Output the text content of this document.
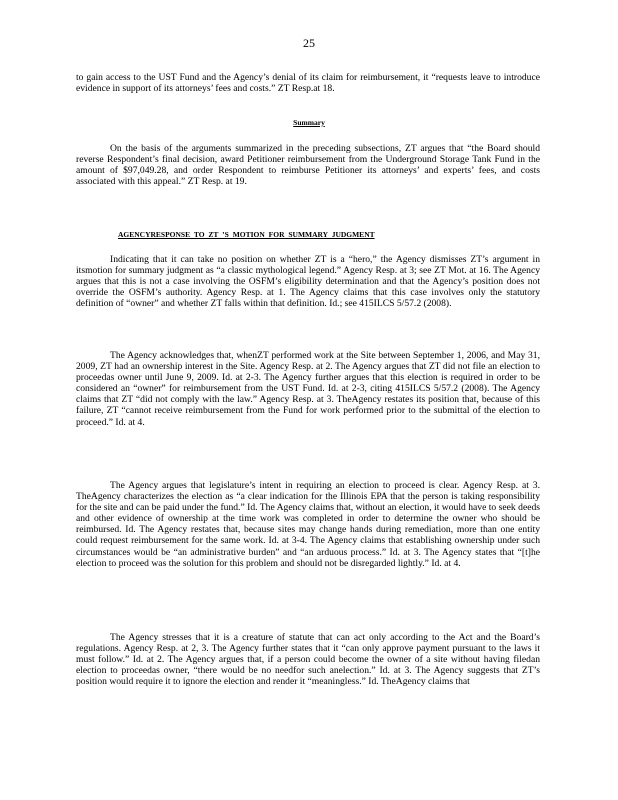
25

to gain access to the UST Fund and the Agency’s denial of its claim for reimbursement, it “requests leave to introduce evidence in support of its attorneys’ fees and costs.” ZT Resp.at 18.

Summary

On the basis of the arguments summarized in the preceding subsections, ZT argues that “the Board should reverse Respondent’s final decision, award Petitioner reimbursement from the Underground Storage Tank Fund in the amount of $97,049.28, and order Respondent to reimburse Petitioner its attorneys’ and experts’ fees, and costs associated with this appeal.” ZT Resp. at 19.

AGENCYRESPONSE TO ZT ’S MOTION FOR SUMMARY JUDGMENT

Indicating that it can take no position on whether ZT is a “hero,” the Agency dismisses ZT’s argument in itsmotion for summary judgment as “a classic mythological legend.” Agency Resp. at 3; see ZT Mot. at 16. The Agency argues that this is not a case involving the OSFM’s eligibility determination and that the Agency’s position does not override the OSFM’s authority. Agency Resp. at 1. The Agency claims that this case involves only the statutory definition of “owner” and whether ZT falls within that definition. Id.; see 415ILCS 5/57.2 (2008).

The Agency acknowledges that, whenZT performed work at the Site between September 1, 2006, and May 31, 2009, ZT had an ownership interest in the Site. Agency Resp. at 2. The Agency argues that ZT did not file an election to proceedas owner until June 9, 2009. Id. at 2-3. The Agency further argues that this election is required in order to be considered an “owner” for reimbursement from the UST Fund. Id. at 2-3, citing 415ILCS 5/57.2 (2008). The Agency claims that ZT “did not comply with the law.” Agency Resp. at 3. TheAgency restates its position that, because of this failure, ZT “cannot receive reimbursement from the Fund for work performed prior to the submittal of the election to proceed.” Id. at 4.

The Agency argues that legislature’s intent in requiring an election to proceed is clear. Agency Resp. at 3. TheAgency characterizes the election as “a clear indication for the Illinois EPA that the person is taking responsibility for the site and can be paid under the fund.” Id. The Agency claims that, without an election, it would have to seek deeds and other evidence of ownership at the time work was completed in order to determine the owner who should be reimbursed. Id. The Agency restates that, because sites may change hands during remediation, more than one entity could request reimbursement for the same work. Id. at 3-4. The Agency claims that establishing ownership under such circumstances would be “an administrative burden” and “an arduous process.” Id. at 3. The Agency states that “[t]he election to proceed was the solution for this problem and should not be disregarded lightly.” Id. at 4.

The Agency stresses that it is a creature of statute that can act only according to the Act and the Board’s regulations. Agency Resp. at 2, 3. The Agency further states that it “can only approve payment pursuant to the laws it must follow.” Id. at 2. The Agency argues that, if a person could become the owner of a site without having filedan election to proceedas owner, “there would be no needfor such anelection.” Id. at 3. The Agency suggests that ZT’s position would require it to ignore the election and render it “meaningless.” Id. TheAgency claims that
